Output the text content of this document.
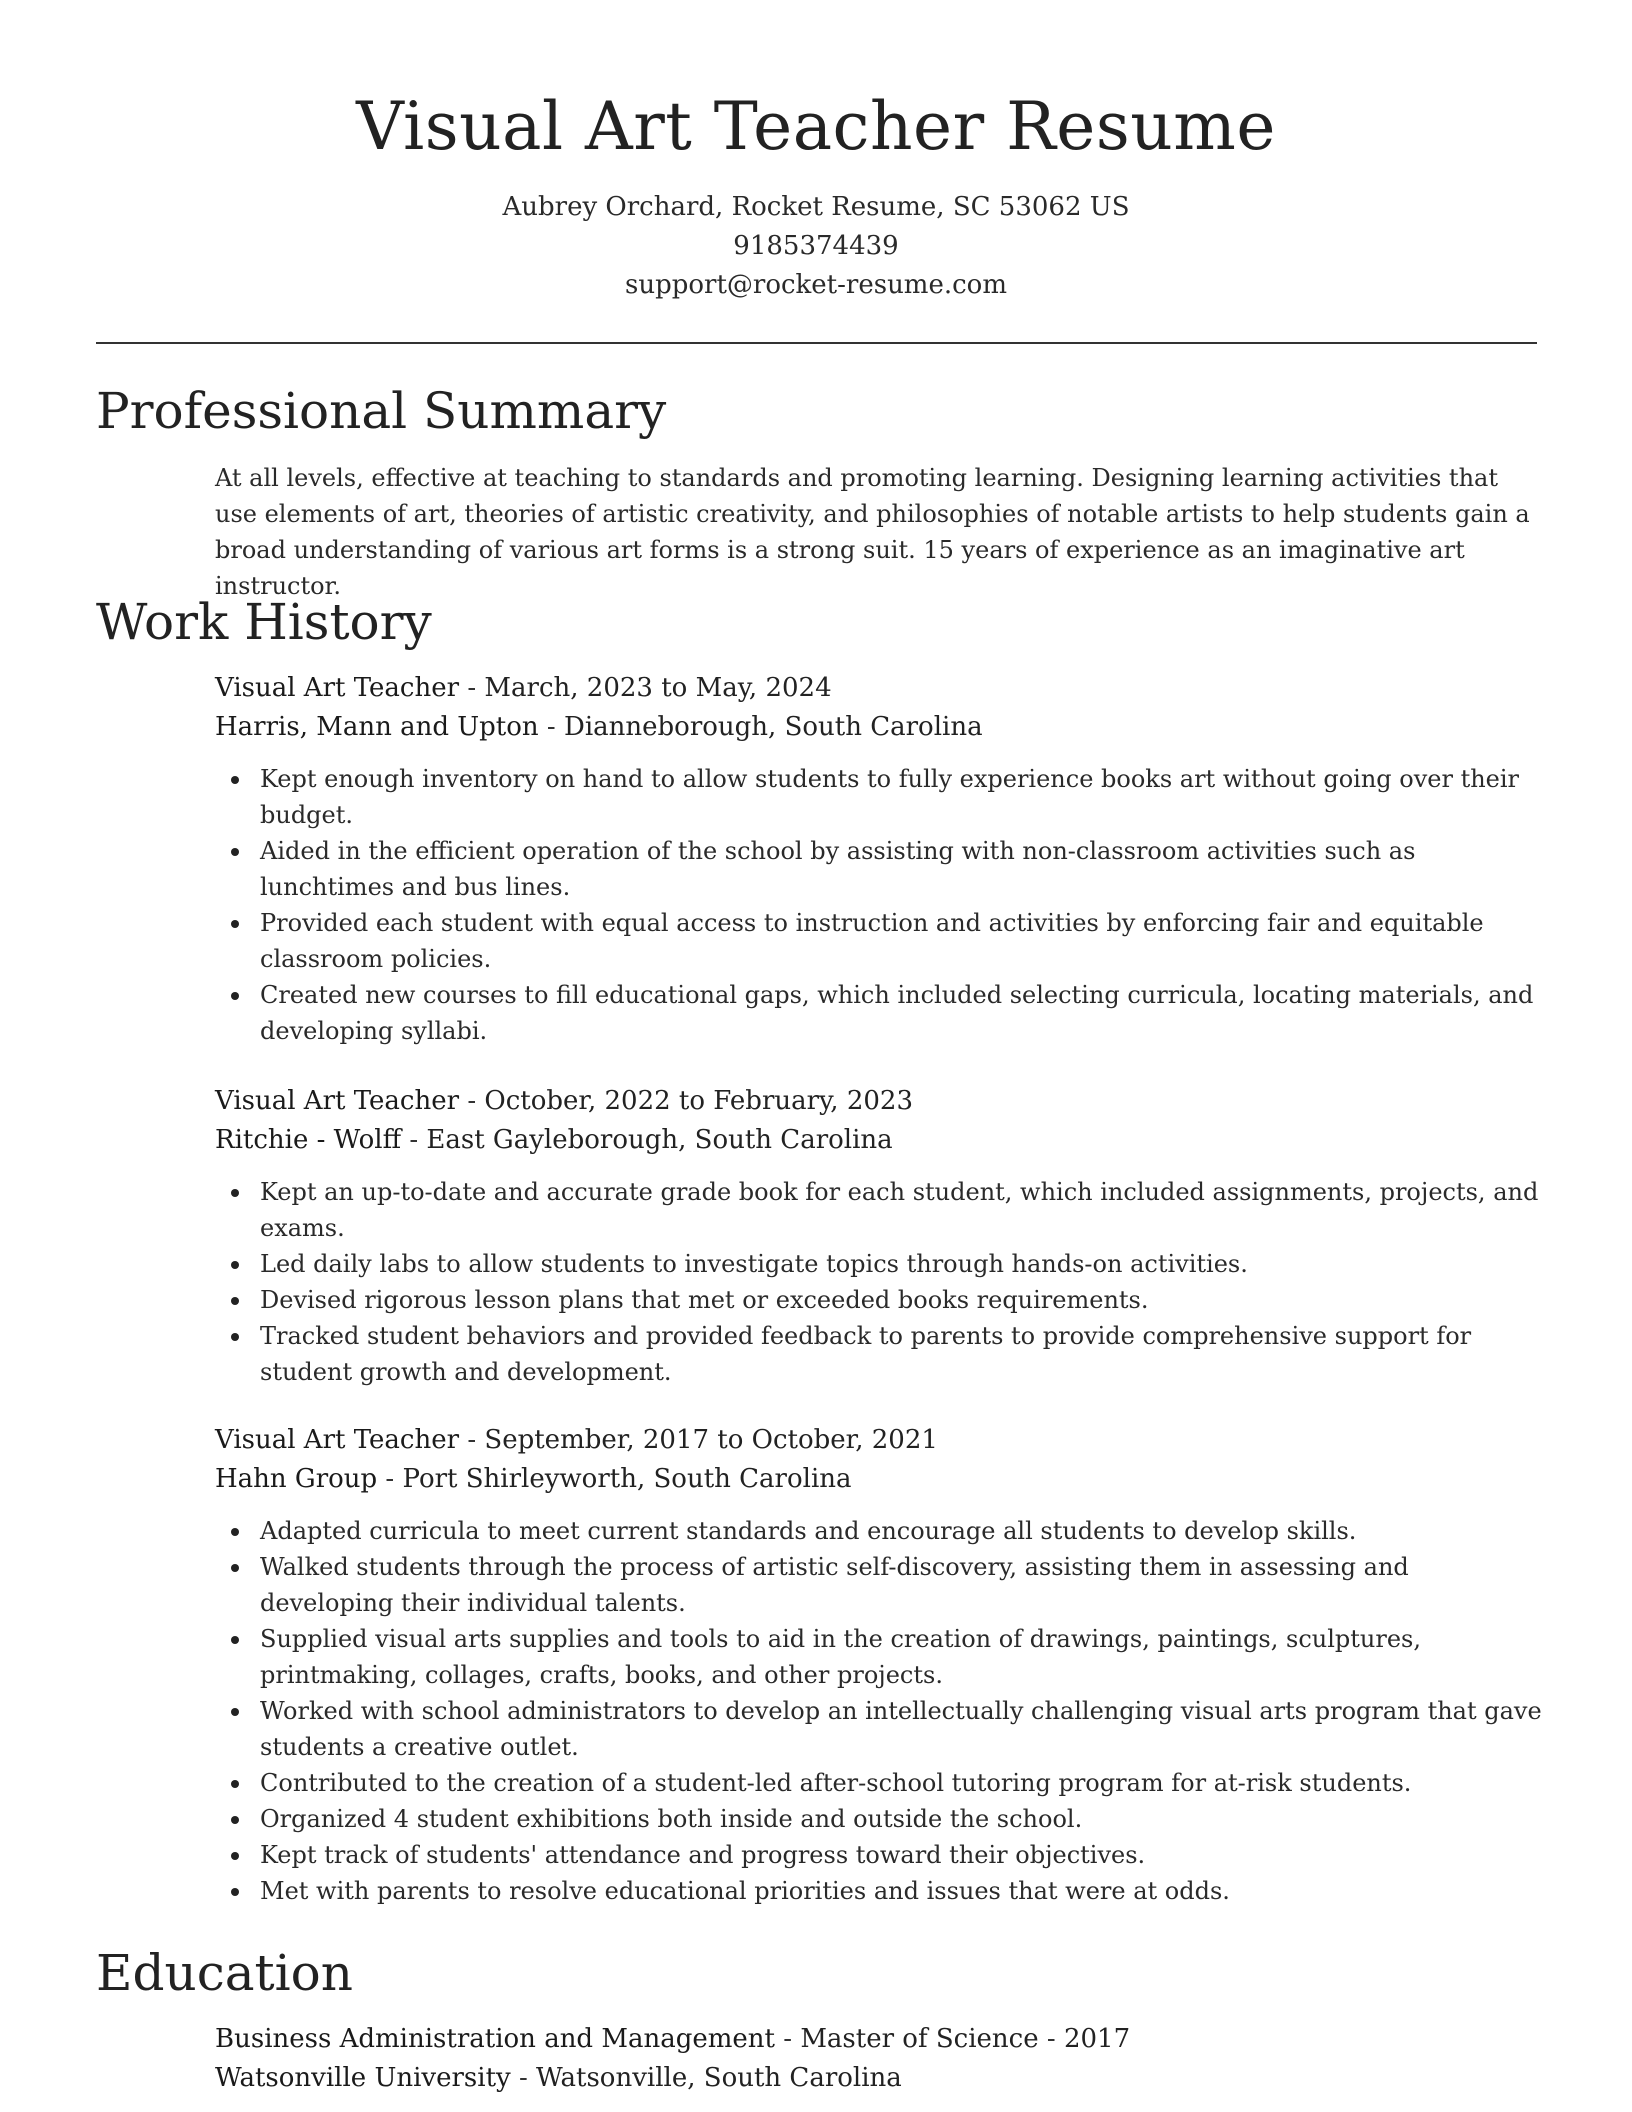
Visual Art Teacher Resume
Aubrey Orchard, Rocket Resume, SC 53062 US
9185374439
support@rocket-resume.com
Professional Summary

At all levels, effective at teaching to standards and promoting learning. Designing learning activities that use elements of art, theories of artistic creativity, and philosophies of notable artists to help students gain a broad understanding of various art forms is a strong suit. 15 years of experience as an imaginative art instructor.

Work History
Visual Art Teacher - March, 2023 to May, 2024
Harris, Mann and Upton - Dianneborough, South Carolina
Kept enough inventory on hand to allow students to fully experience books art without going over their budget.
Aided in the efficient operation of the school by assisting with non-classroom activities such as lunchtimes and bus lines.
Provided each student with equal access to instruction and activities by enforcing fair and equitable classroom policies.
Created new courses to fill educational gaps, which included selecting curricula, locating materials, and developing syllabi.
Visual Art Teacher - October, 2022 to February, 2023
Ritchie - Wolff - East Gayleborough, South Carolina
Kept an up-to-date and accurate grade book for each student, which included assignments, projects, and exams.
Led daily labs to allow students to investigate topics through hands-on activities.
Devised rigorous lesson plans that met or exceeded books requirements.
Tracked student behaviors and provided feedback to parents to provide comprehensive support for student growth and development.
Visual Art Teacher - September, 2017 to October, 2021
Hahn Group - Port Shirleyworth, South Carolina
Adapted curricula to meet current standards and encourage all students to develop skills.
Walked students through the process of artistic self-discovery, assisting them in assessing and developing their individual talents.
Supplied visual arts supplies and tools to aid in the creation of drawings, paintings, sculptures, printmaking, collages, crafts, books, and other projects.
Worked with school administrators to develop an intellectually challenging visual arts program that gave students a creative outlet.
Contributed to the creation of a student-led after-school tutoring program for at-risk students.
Organized 4 student exhibitions both inside and outside the school.
Kept track of students' attendance and progress toward their objectives.
Met with parents to resolve educational priorities and issues that were at odds.
Education
Business Administration and Management - Master of Science - 2017
Watsonville University - Watsonville, South Carolina
